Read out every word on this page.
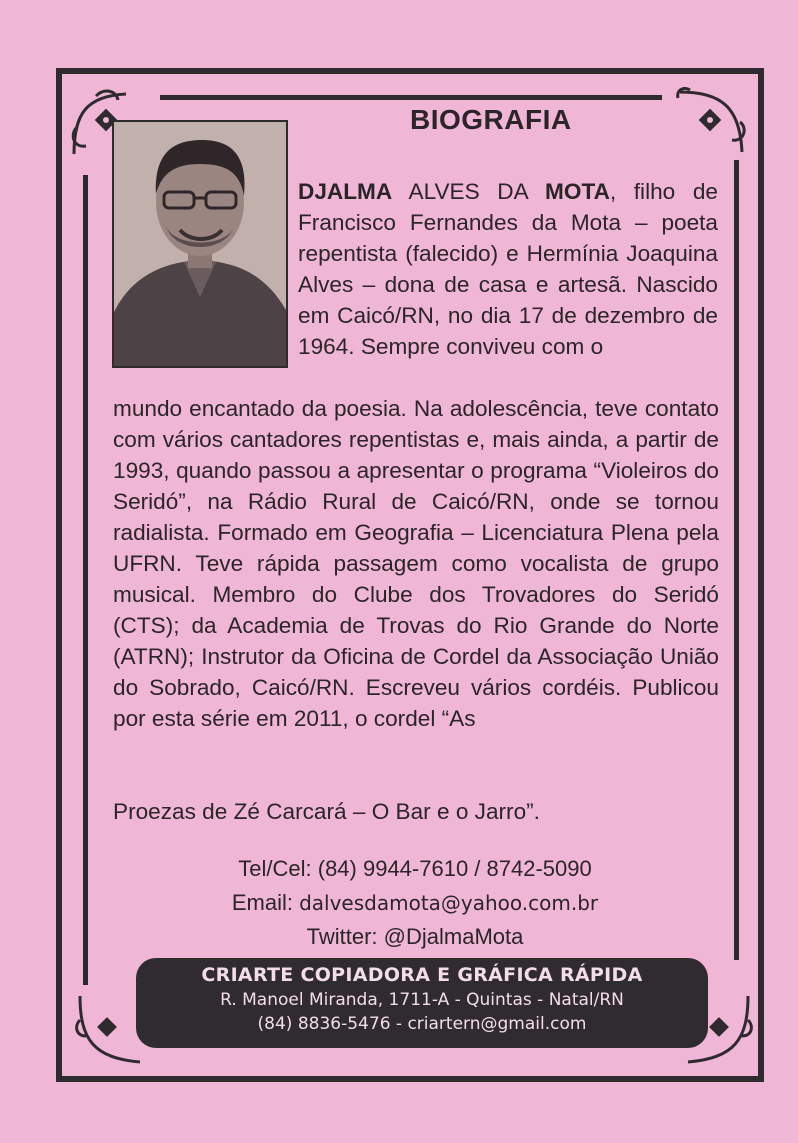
BIOGRAFIA
DJALMA ALVES DA MOTA, filho de Francisco Fernandes da Mota – poeta repentista (falecido) e Hermínia Joaquina Alves – dona de casa e artesã. Nascido em Caicó/RN, no dia 17 de dezembro de 1964. Sempre conviveu com o
mundo encantado da poesia. Na adolescência, teve contato com vários cantadores repentistas e, mais ainda, a partir de 1993, quando passou a apresentar o programa “Violeiros do Seridó”, na Rádio Rural de Caicó/RN, onde se tornou radialista. Formado em Geografia – Licenciatura Plena pela UFRN. Teve rápida passagem como vocalista de grupo musical. Membro do Clube dos Trovadores do Seridó (CTS); da Academia de Trovas do Rio Grande do Norte (ATRN); Instrutor da Oficina de Cordel da Associação União do Sobrado, Caicó/RN. Escreveu vários cordéis. Publicou por esta série em 2011, o cordel “As
Proezas de Zé Carcará – O Bar e o Jarro”.
Tel/Cel: (84) 9944-7610 / 8742-5090
Email: dalvesdamota@yahoo.com.br
Twitter: @DjalmaMota
CRIARTE COPIADORA E GRÁFICA RÁPIDA
R. Manoel Miranda, 1711-A - Quintas - Natal/RN
(84) 8836-5476 - criartern@gmail.com
